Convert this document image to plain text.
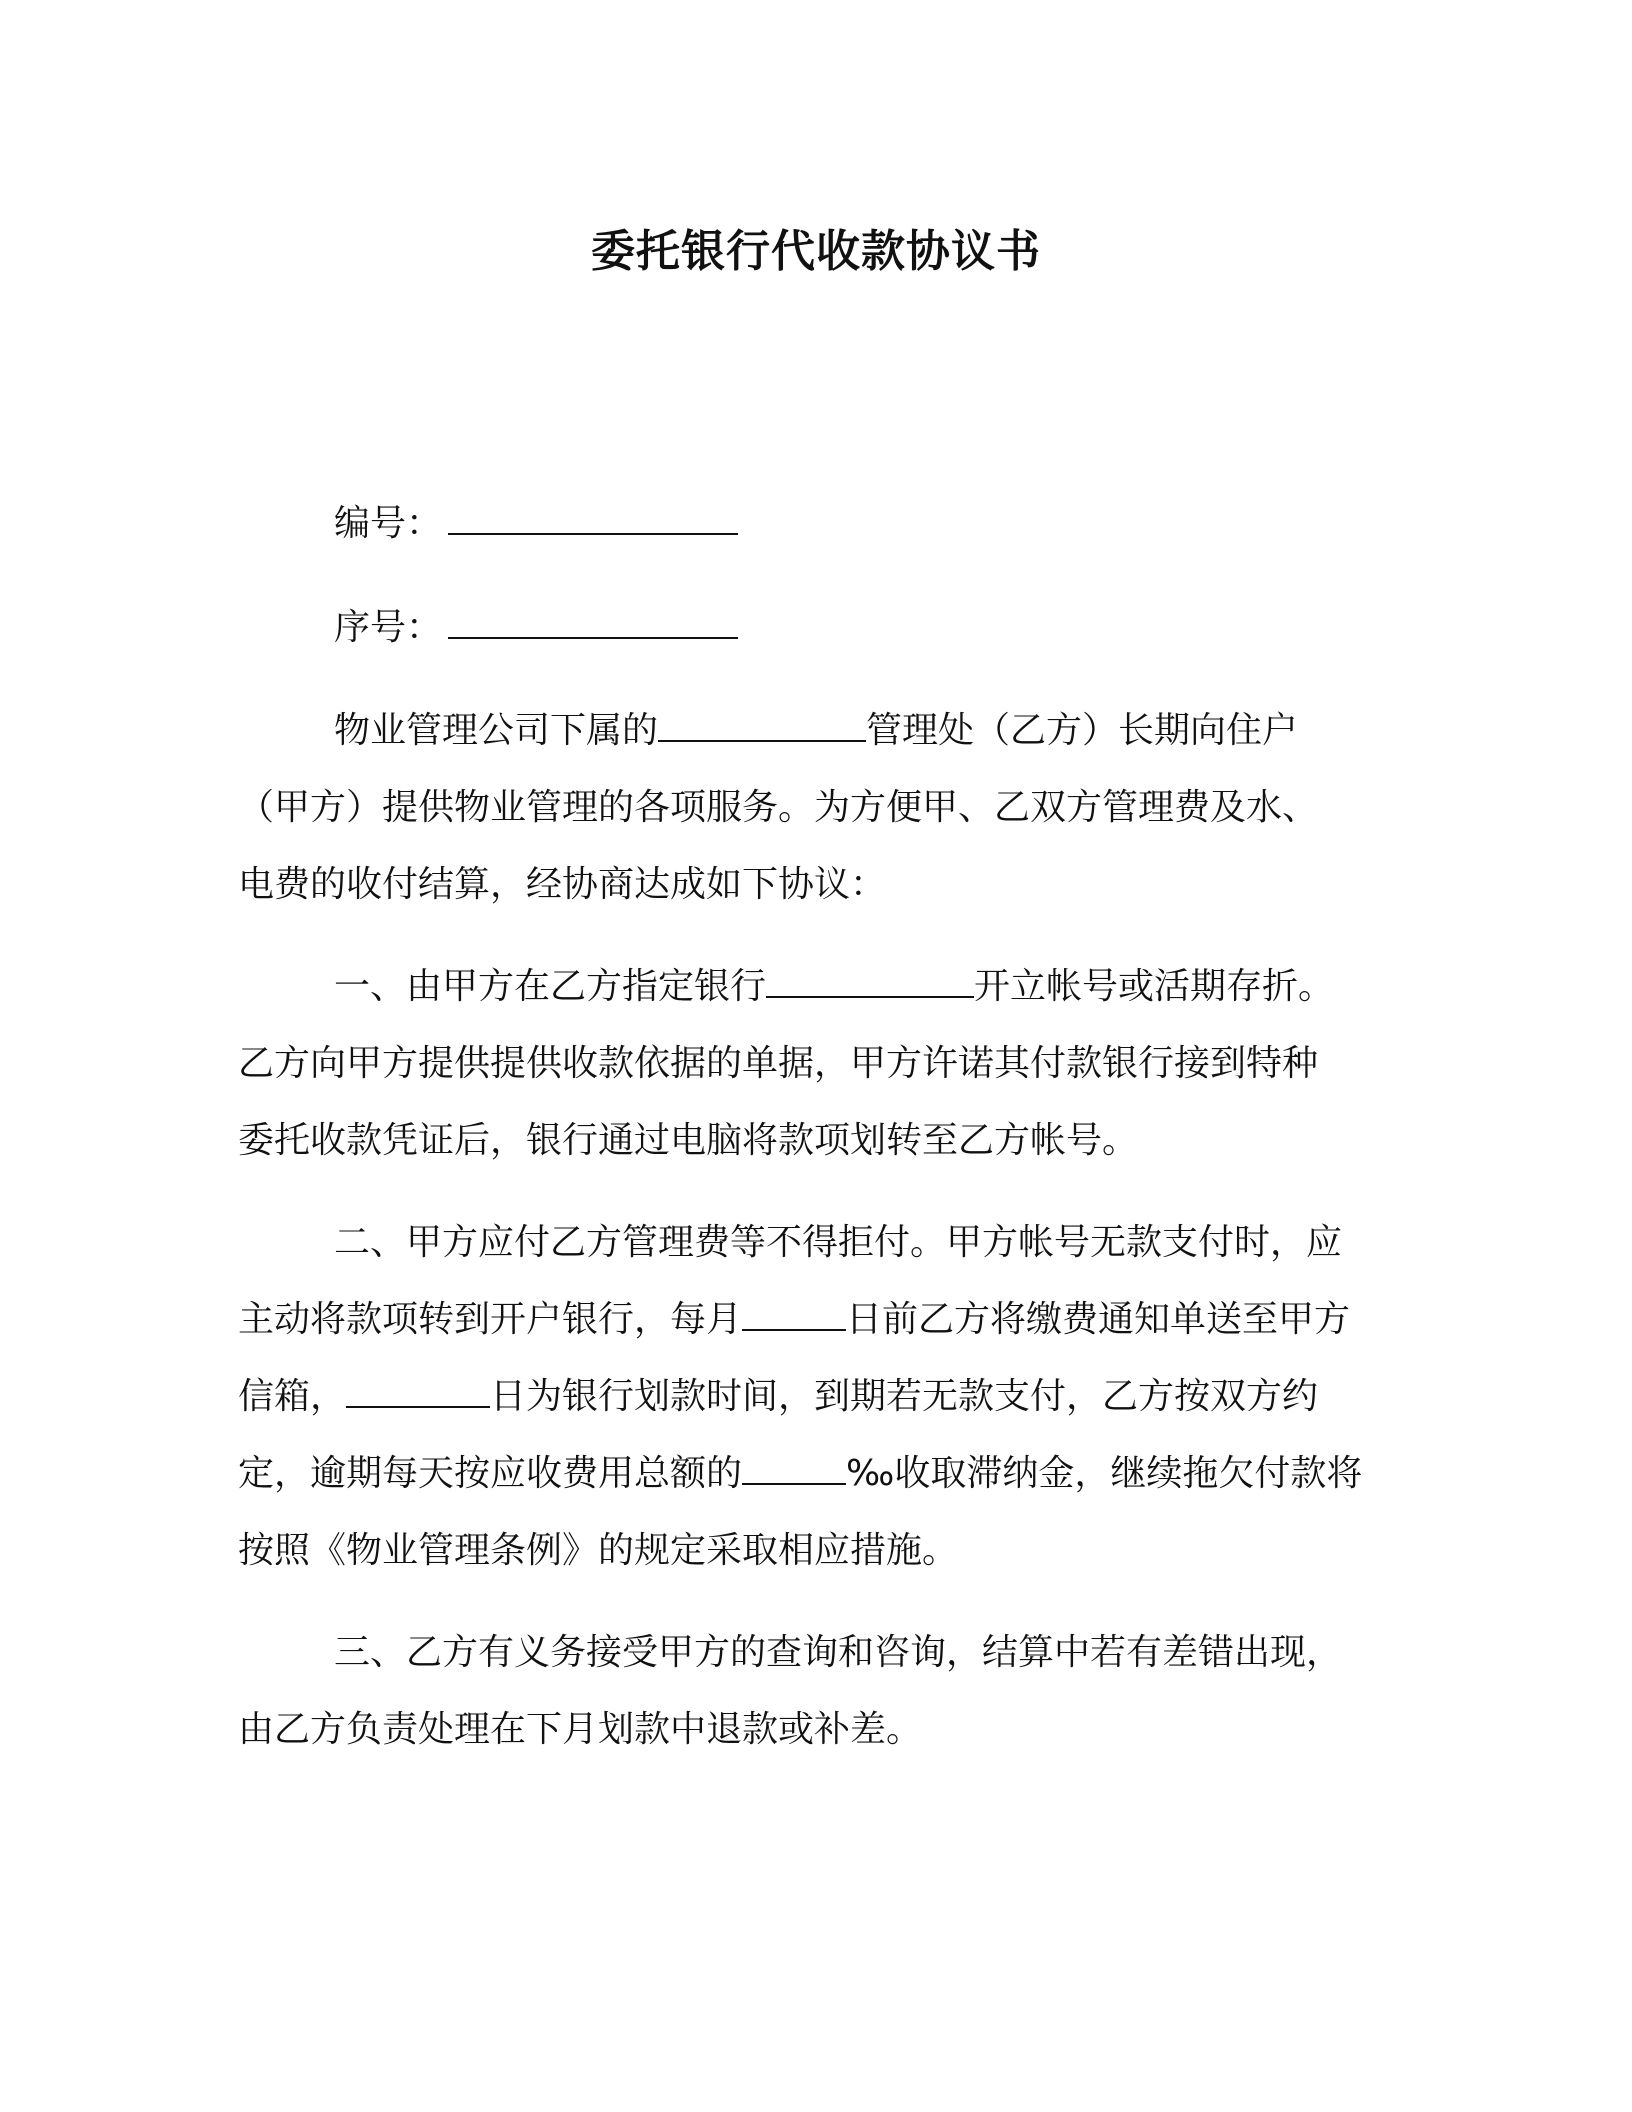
委托银行代收款协议书
编号：
序号：
物业管理公司下属的	管理处（乙方）长期向住户
（甲方）提供物业管理的各项服务。为方便甲、乙双方管理费及水、
电费的收付结算，经协商达成如下协议：
一、由甲方在乙方指定银行	开立帐号或活期存折。
乙方向甲方提供提供收款依据的单据，甲方许诺其付款银行接到特种
委托收款凭证后，银行通过电脑将款项划转至乙方帐号。
二、甲方应付乙方管理费等不得拒付。甲方帐号无款支付时，应
主动将款项转到开户银行，每月	日前乙方将缴费通知单送至甲方
信箱，	日为银行划款时间，到期若无款支付，乙方按双方约
定，逾期每天按应收费用总额的	‰收取滞纳金，继续拖欠付款将
按照《物业管理条例》的规定采取相应措施。
三、乙方有义务接受甲方的查询和咨询，结算中若有差错出现，
由乙方负责处理在下月划款中退款或补差。
